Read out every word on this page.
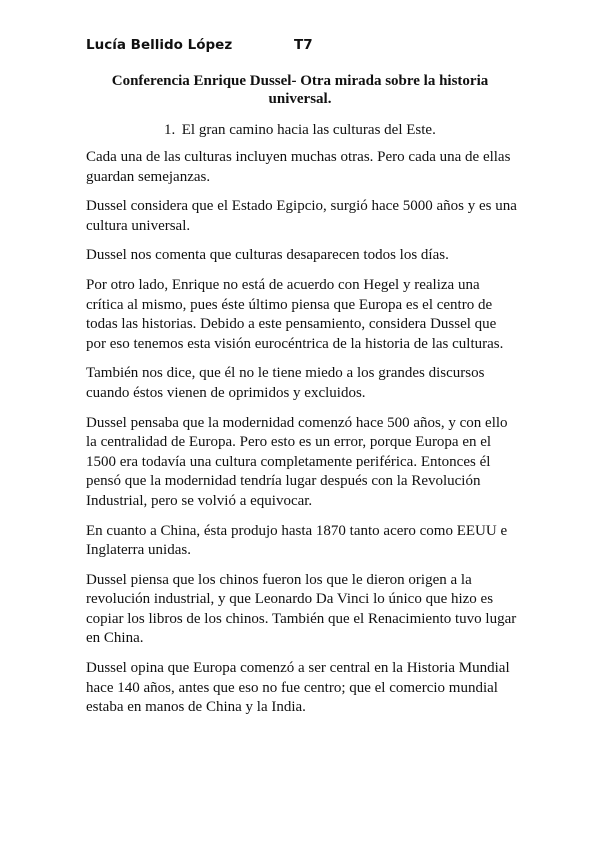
Lucía Bellido López	T7
Conferencia Enrique Dussel- Otra mirada sobre la historia universal.
1. El gran camino hacia las culturas del Este.

Cada una de las culturas incluyen muchas otras. Pero cada una de ellas guardan semejanzas.

Dussel considera que el Estado Egipcio, surgió hace 5000 años y es una cultura universal.

Dussel nos comenta que culturas desaparecen todos los días.

Por otro lado, Enrique no está de acuerdo con Hegel y realiza una crítica al mismo, pues éste último piensa que Europa es el centro de todas las historias. Debido a este pensamiento, considera Dussel que por eso tenemos esta visión eurocéntrica de la historia de las culturas.

También nos dice, que él no le tiene miedo a los grandes discursos cuando éstos vienen de oprimidos y excluidos.

Dussel pensaba que la modernidad comenzó hace 500 años, y con ello la centralidad de Europa. Pero esto es un error, porque Europa en el 1500 era todavía una cultura completamente periférica. Entonces él pensó que la modernidad tendría lugar después con la Revolución Industrial, pero se volvió a equivocar.

En cuanto a China, ésta produjo hasta 1870 tanto acero como EEUU e Inglaterra unidas.

Dussel piensa que los chinos fueron los que le dieron origen a la revolución industrial, y que Leonardo Da Vinci lo único que hizo es copiar los libros de los chinos. También que el Renacimiento tuvo lugar en China.

Dussel opina que Europa comenzó a ser central en la Historia Mundial hace 140 años, antes que eso no fue centro; que el comercio mundial estaba en manos de China y la India.
